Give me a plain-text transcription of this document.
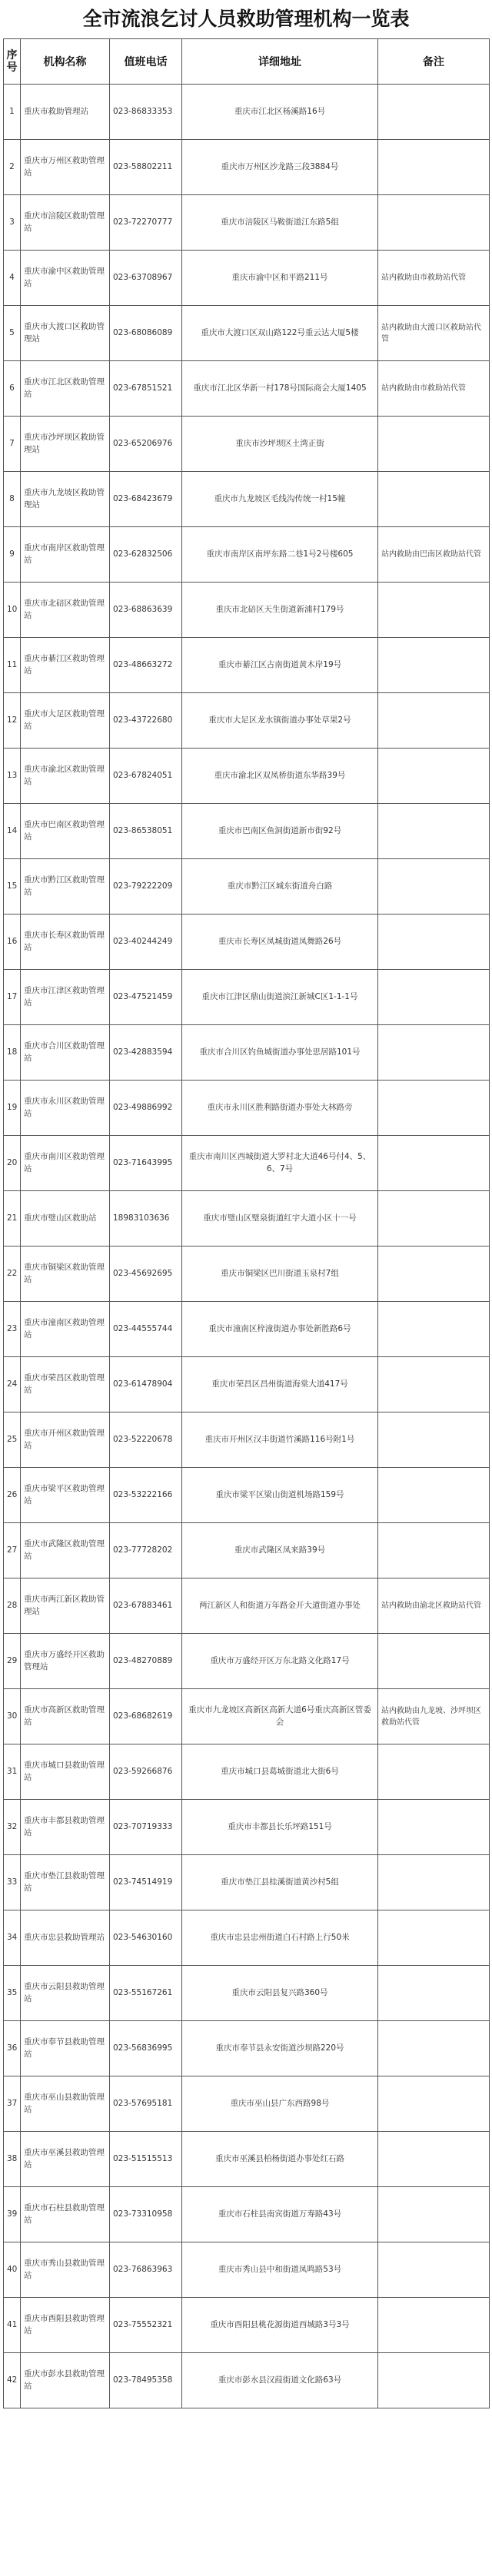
全市流浪乞讨人员救助管理机构一览表
序号	机构名称	值班电话	详细地址	备注
1	重庆市救助管理站	023-86833353	重庆市江北区杨溪路16号	
2	重庆市万州区救助管理站	023-58802211	重庆市万州区沙龙路三段3884号	
3	重庆市涪陵区救助管理站	023-72270777	重庆市涪陵区马鞍街道江东路5组	
4	重庆市渝中区救助管理站	023-63708967	重庆市渝中区和平路211号	站内救助由市救助站代管
5	重庆市大渡口区救助管理站	023-68086089	重庆市大渡口区双山路122号重云达大厦5楼	站内救助由大渡口区救助站代管
6	重庆市江北区救助管理站	023-67851521	重庆市江北区华新一村178号国际商会大厦1405	站内救助由市救助站代管
7	重庆市沙坪坝区救助管理站	023-65206976	重庆市沙坪坝区土湾正街	
8	重庆市九龙坡区救助管理站	023-68423679	重庆市九龙坡区毛线沟传统一村15幢	
9	重庆市南岸区救助管理站	023-62832506	重庆市南岸区南坪东路二巷1号2号楼605	站内救助由巴南区救助站代管
10	重庆市北碚区救助管理站	023-68863639	重庆市北碚区天生街道新浦村179号	
11	重庆市綦江区救助管理站	023-48663272	重庆市綦江区古南街道黄木岸19号	
12	重庆市大足区救助管理站	023-43722680	重庆市大足区龙水镇街道办事处草果2号	
13	重庆市渝北区救助管理站	023-67824051	重庆市渝北区双凤桥街道东华路39号	
14	重庆市巴南区救助管理站	023-86538051	重庆市巴南区鱼洞街道新市街92号	
15	重庆市黔江区救助管理站	023-79222209	重庆市黔江区城东街道舟白路	
16	重庆市长寿区救助管理站	023-40244249	重庆市长寿区凤城街道凤舞路26号	
17	重庆市江津区救助管理站	023-47521459	重庆市江津区鼎山街道滨江新城C区1-1-1号	
18	重庆市合川区救助管理站	023-42883594	重庆市合川区钓鱼城街道办事处思居路101号	
19	重庆市永川区救助管理站	023-49886992	重庆市永川区胜利路街道办事处大林路旁	
20	重庆市南川区救助管理站	023-71643995	重庆市南川区西城街道大罗村北大道46号付4、5、6、7号	
21	重庆市璧山区救助站	18983103636	重庆市璧山区璧泉街道红宇大道小区十一号	
22	重庆市铜梁区救助管理站	023-45692695	重庆市铜梁区巴川街道玉泉村7组	
23	重庆市潼南区救助管理站	023-44555744	重庆市潼南区梓潼街道办事处新胜路6号	
24	重庆市荣昌区救助管理站	023-61478904	重庆市荣昌区昌州街道海棠大道417号	
25	重庆市开州区救助管理站	023-52220678	重庆市开州区汉丰街道竹溪路116号附1号	
26	重庆市梁平区救助管理站	023-53222166	重庆市梁平区梁山街道机场路159号	
27	重庆市武隆区救助管理站	023-77728202	重庆市武隆区凤来路39号	
28	重庆市两江新区救助管理站	023-67883461	两江新区人和街道万年路金开大道街道办事处	站内救助由渝北区救助站代管
29	重庆市万盛经开区救助管理站	023-48270889	重庆市万盛经开区万东北路文化路17号	
30	重庆市高新区救助管理站	023-68682619	重庆市九龙坡区高新区高新大道6号重庆高新区管委会	站内救助由九龙坡、沙坪坝区救助站代管
31	重庆市城口县救助管理站	023-59266876	重庆市城口县葛城街道北大街6号	
32	重庆市丰都县救助管理站	023-70719333	重庆市丰都县长乐坪路151号	
33	重庆市垫江县救助管理站	023-74514919	重庆市垫江县桂溪街道黄沙村5组	
34	重庆市忠县救助管理站	023-54630160	重庆市忠县忠州街道白石村路上行50米	
35	重庆市云阳县救助管理站	023-55167261	重庆市云阳县复兴路360号	
36	重庆市奉节县救助管理站	023-56836995	重庆市奉节县永安街道沙坝路220号	
37	重庆市巫山县救助管理站	023-57695181	重庆市巫山县广东西路98号	
38	重庆市巫溪县救助管理站	023-51515513	重庆市巫溪县柏杨街道办事处红石路	
39	重庆市石柱县救助管理站	023-73310958	重庆市石柱县南宾街道万寿路43号	
40	重庆市秀山县救助管理站	023-76863963	重庆市秀山县中和街道凤鸣路53号	
41	重庆市酉阳县救助管理站	023-75552321	重庆市酉阳县桃花源街道西城路3号3号	
42	重庆市彭水县救助管理站	023-78495358	重庆市彭水县汉葭街道文化路63号	
